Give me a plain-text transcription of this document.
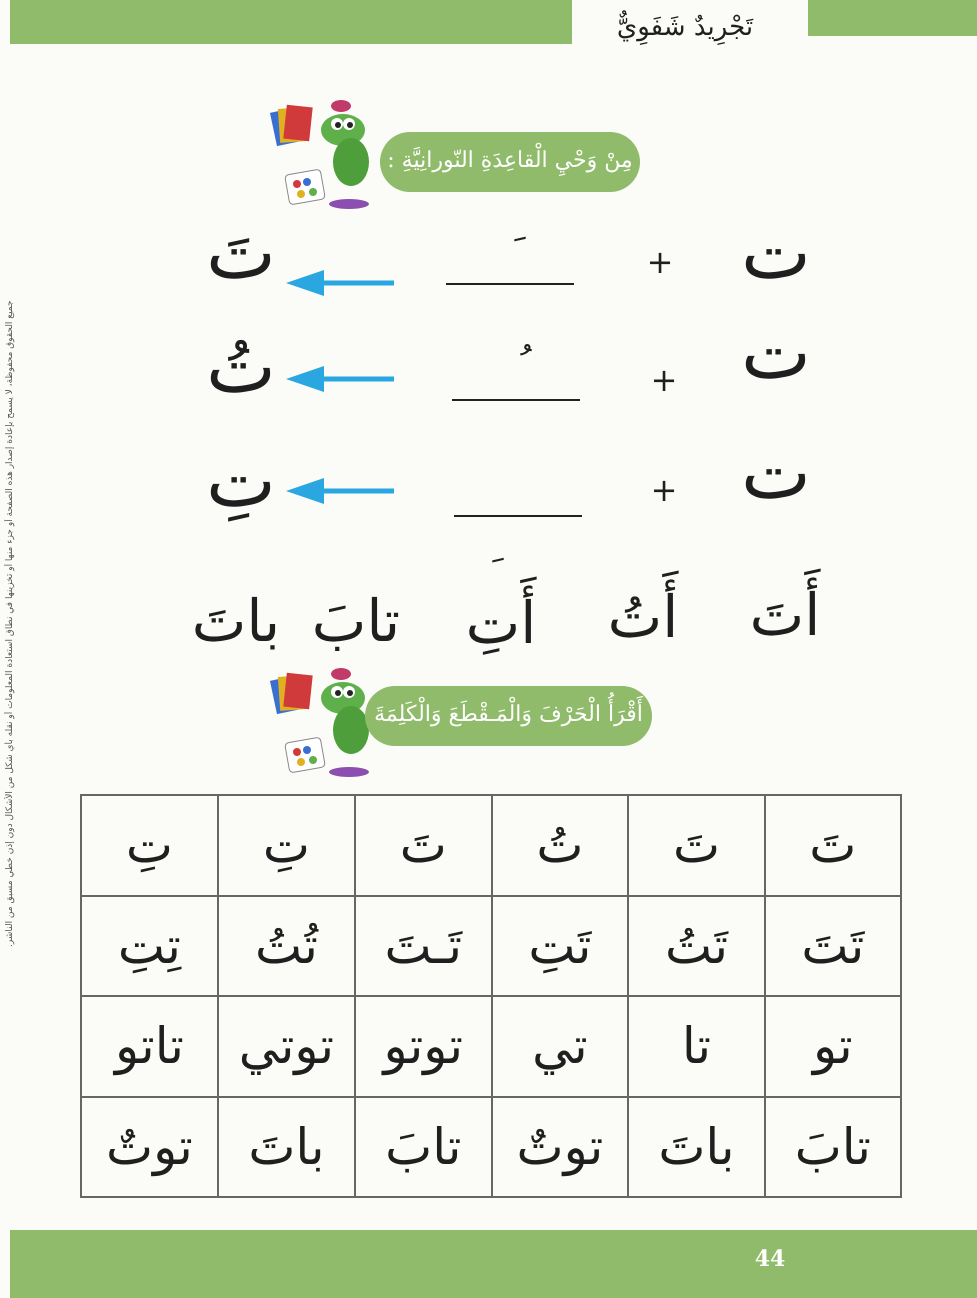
تَجْرِيدٌ شَفَوِيٌّ
جميع الحقوق محفوظة، لا يسمح بإعادة إصدار هذه الصفحة أو جزء منها أو تخزينها في نطاق استعادة المعلومات أو نقله بأي شكل من الأشكال دون إذن خطي مسبق من الناشر.
مِنْ وَحْيِ الْقاعِدَةِ النّورانِيَّةِ :
ت
+
تَ
ت
+
تُ
ت
+
تِ
أَتَ
أَتُ
أَتِ
تابَ
باتَ
أَقْرَأُ الْحَرْفَ وَالْمَـقْطَعَ وَالْكَلِمَةَ
تَ	تَ	تُ	تَ	تِ	تِ
تَتَ	تَتُ	تَتِ	تَـتَ	تُتُ	تِتِ
تو	تا	تي	توتو	توتي	تاتو
تابَ	باتَ	توتٌ	تابَ	باتَ	توتٌ
44
